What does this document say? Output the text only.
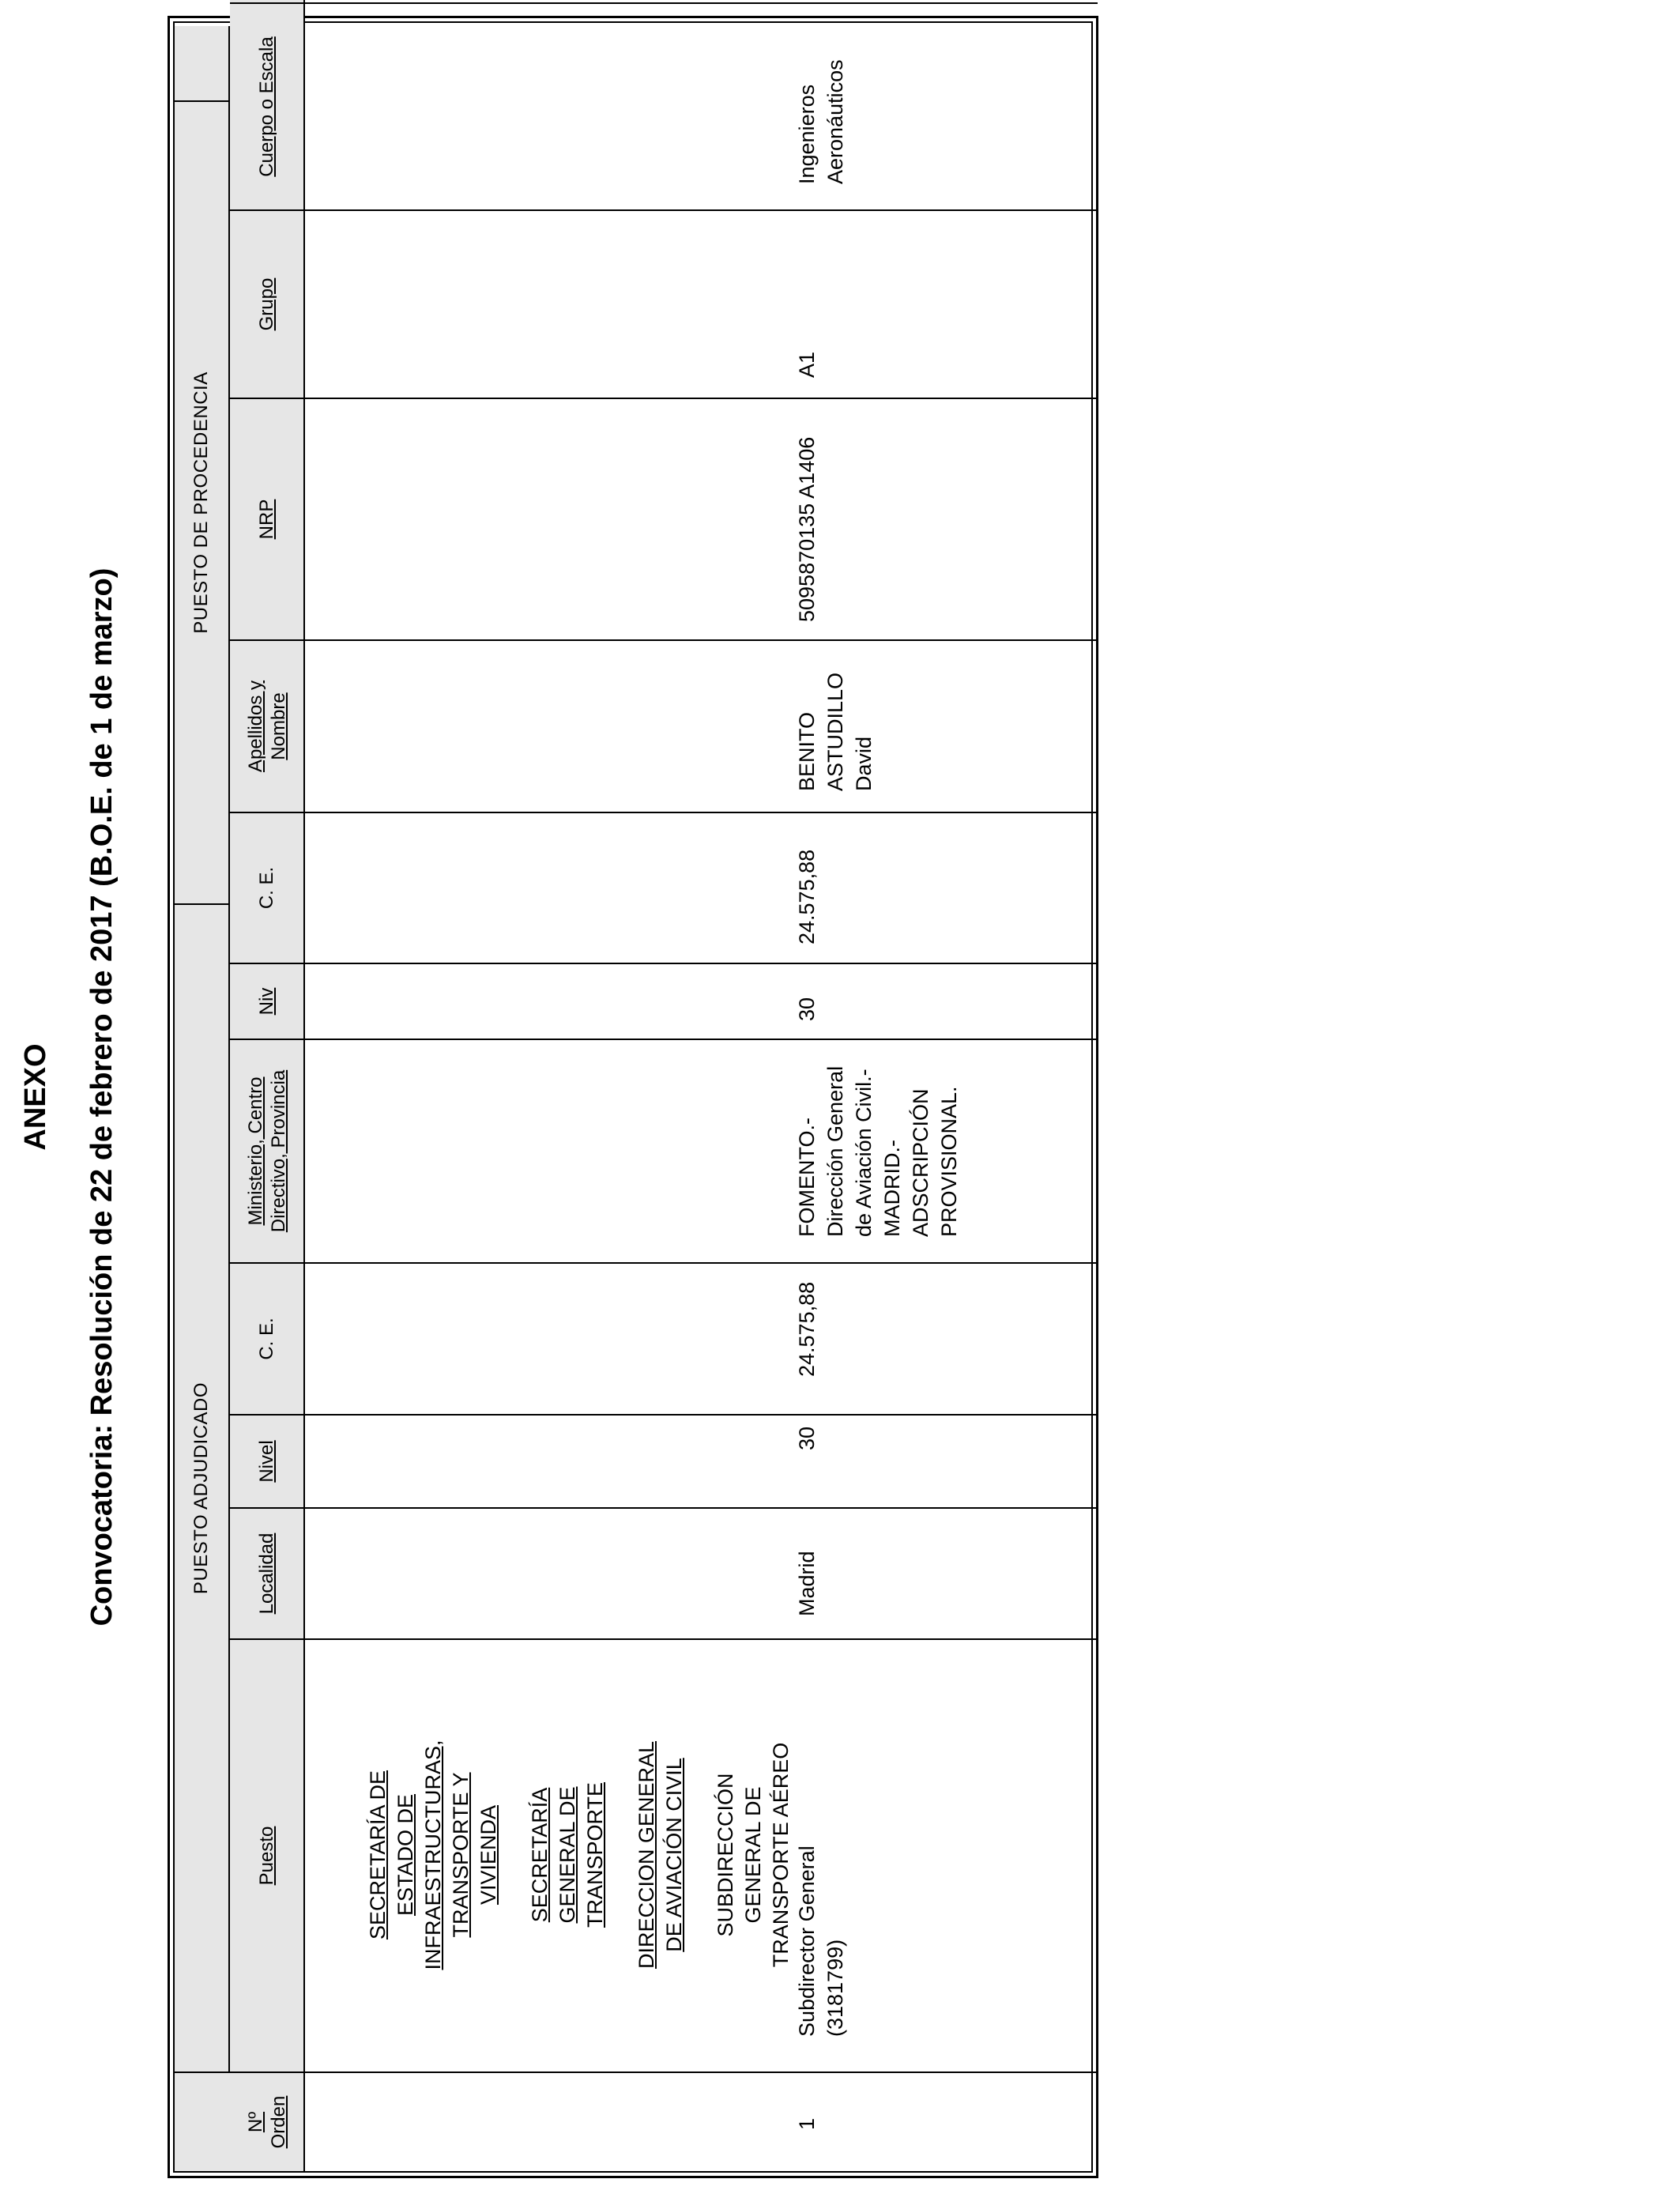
ANEXO Convocatoria: Resolución de 22 de febrero de 2017 (B.O.E. de 1 de marzo)	PUESTO ADJUDICADO
PUESTO DE PROCEDENCIA
Nº Orden
Puesto
Localidad
Nivel
C. E.
Ministerio, Centro Directivo, Provincia
Niv
C. E.
Apellidos y Nombre
NRP
Grupo
Cuerpo o Escala
SECRETARÍA DE ESTADO DE INFRAESTRUCTURAS, TRANSPORTE Y VIVIENDA SECRETARÍA GENERAL DE TRANSPORTE DIRECCION GENERAL DE AVIACIÓN CIVIL SUBDIRECCIÓN GENERAL DE TRANSPORTE AÉREO
1
Subdirector General (3181799)
Madrid
30
24.575,88
FOMENTO.- Dirección General de Aviación Civil.- MADRID.- ADSCRIPCIÓN PROVISIONAL.
30
24.575,88
BENITO ASTUDILLO David
5095870135 A1406
A1
Ingenieros Aeronáuticos
